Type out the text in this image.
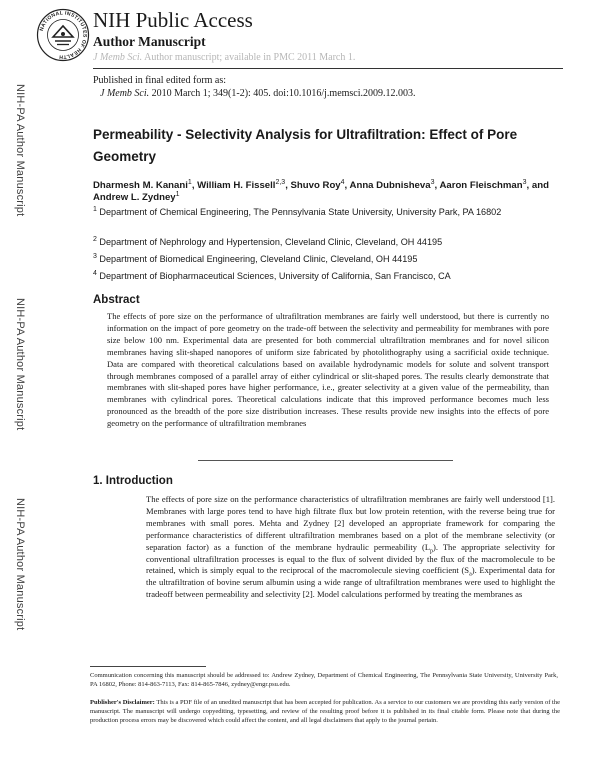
NATIONAL INSTITUTES OF HEALTH
NIH Public Access
Author Manuscript
J Memb Sci. Author manuscript; available in PMC 2011 March 1.
Published in final edited form as:
J Memb Sci. 2010 March 1; 349(1-2): 405. doi:10.1016/j.memsci.2009.12.003.
NIH-PA Author Manuscript
NIH-PA Author Manuscript
NIH-PA Author Manuscript
Permeability - Selectivity Analysis for Ultrafiltration: Effect of Pore Geometry
Dharmesh M. Kanani$^1$, William H. Fissell$^{2,3}$, Shuvo Roy$^4$, Anna Dubnisheva$^3$, Aaron Fleischman$^3$, and Andrew L. Zydney$^1$
$^1$ Department of Chemical Engineering, The Pennsylvania State University, University Park, PA 16802
$^2$ Department of Nephrology and Hypertension, Cleveland Clinic, Cleveland, OH 44195
$^3$ Department of Biomedical Engineering, Cleveland Clinic, Cleveland, OH 44195
$^4$ Department of Biopharmaceutical Sciences, University of California, San Francisco, CA
Abstract
The effects of pore size on the performance of ultrafiltration membranes are fairly well understood, but there is currently no information on the impact of pore geometry on the trade-off between the selectivity and permeability for membranes with pore size below 100 nm. Experimental data are presented for both commercial ultrafiltration membranes and for novel silicon membranes having slit-shaped nanopores of uniform size fabricated by photolithography using a sacrificial oxide technique. Data are compared with theoretical calculations based on available hydrodynamic models for solute and solvent transport through membranes composed of a parallel array of either cylindrical or slit-shaped pores. The results clearly demonstrate that membranes with slit-shaped pores have higher performance, i.e., greater selectivity at a given value of the permeability, than membranes with cylindrical pores. Theoretical calculations indicate that this improved performance becomes much less pronounced as the breadth of the pore size distribution increases. These results provide new insights into the effects of pore geometry on the performance of ultrafiltration membranes
1. Introduction
The effects of pore size on the performance characteristics of ultrafiltration membranes are fairly well understood [1]. Membranes with large pores tend to have high filtrate flux but low protein retention, with the reverse being true for membranes with small pores. Mehta and Zydney [2] developed an appropriate framework for comparing the performance characteristics of different ultrafiltration membranes based on a plot of the membrane selectivity (or separation factor) as a function of the membrane hydraulic permeability $(L_p)$. The appropriate selectivity for conventional ultrafiltration processes is equal to the flux of solvent divided by the flux of the macromolecule to be retained, which is simply equal to the reciprocal of the macromolecule sieving coefficient $(S_a)$. Experimental data for the ultrafiltration of bovine serum albumin using a wide range of ultrafiltration membranes were used to highlight the tradeoff between permeability and selectivity [2]. Model calculations performed by treating the membranes as
Communication concerning this manuscript should be addressed to: Andrew Zydney, Department of Chemical Engineering, The Pennsylvania State University, University Park, PA 16802, Phone: 814-863-7113, Fax: 814-865-7846, zydney@engr.psu.edu.
Publisher's Disclaimer: This is a PDF file of an unedited manuscript that has been accepted for publication. As a service to our customers we are providing this early version of the manuscript. The manuscript will undergo copyediting, typesetting, and review of the resulting proof before it is published in its final citable form. Please note that during the production process errors may be discovered which could affect the content, and all legal disclaimers that apply to the journal pertain.
